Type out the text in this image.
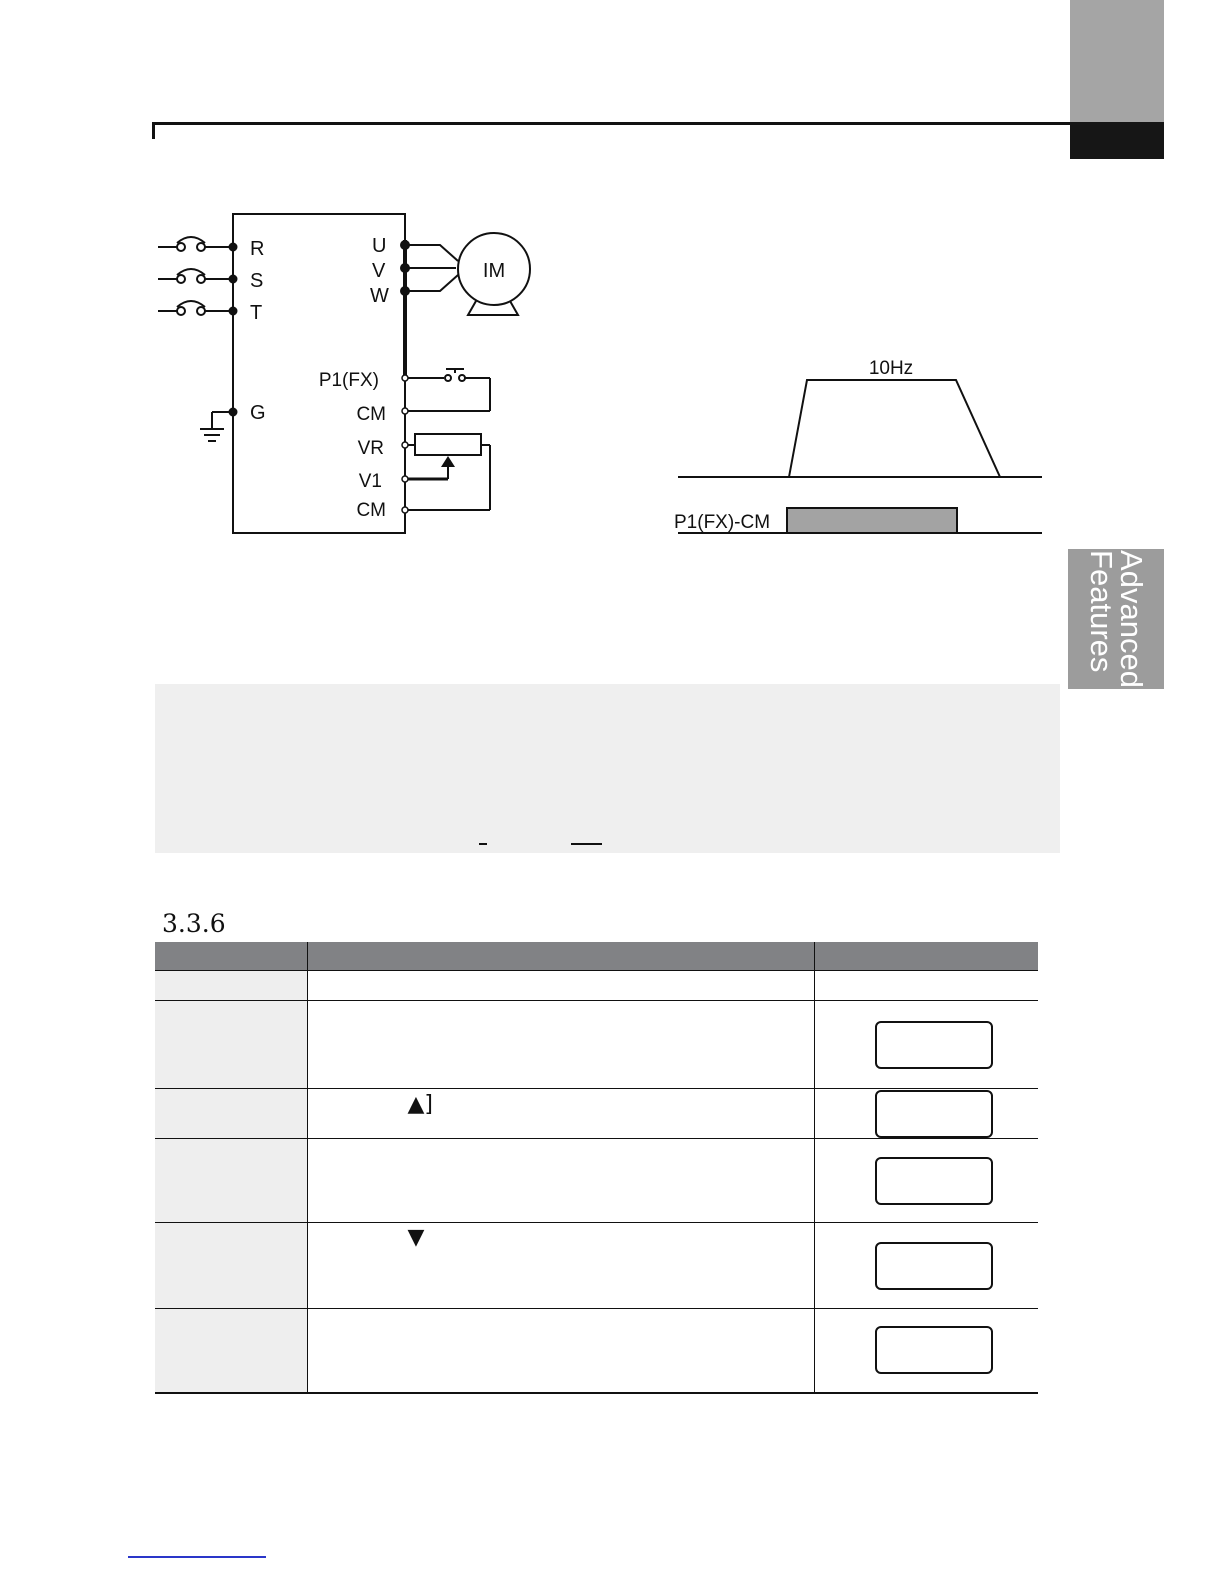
Advanced
Features
R
S
T
G
U
V
W
IM
P1(FX)
CM
VR
V1
CM
10Hz
P1(FX)-CM
3.3.6

	▲]	

	▼	
